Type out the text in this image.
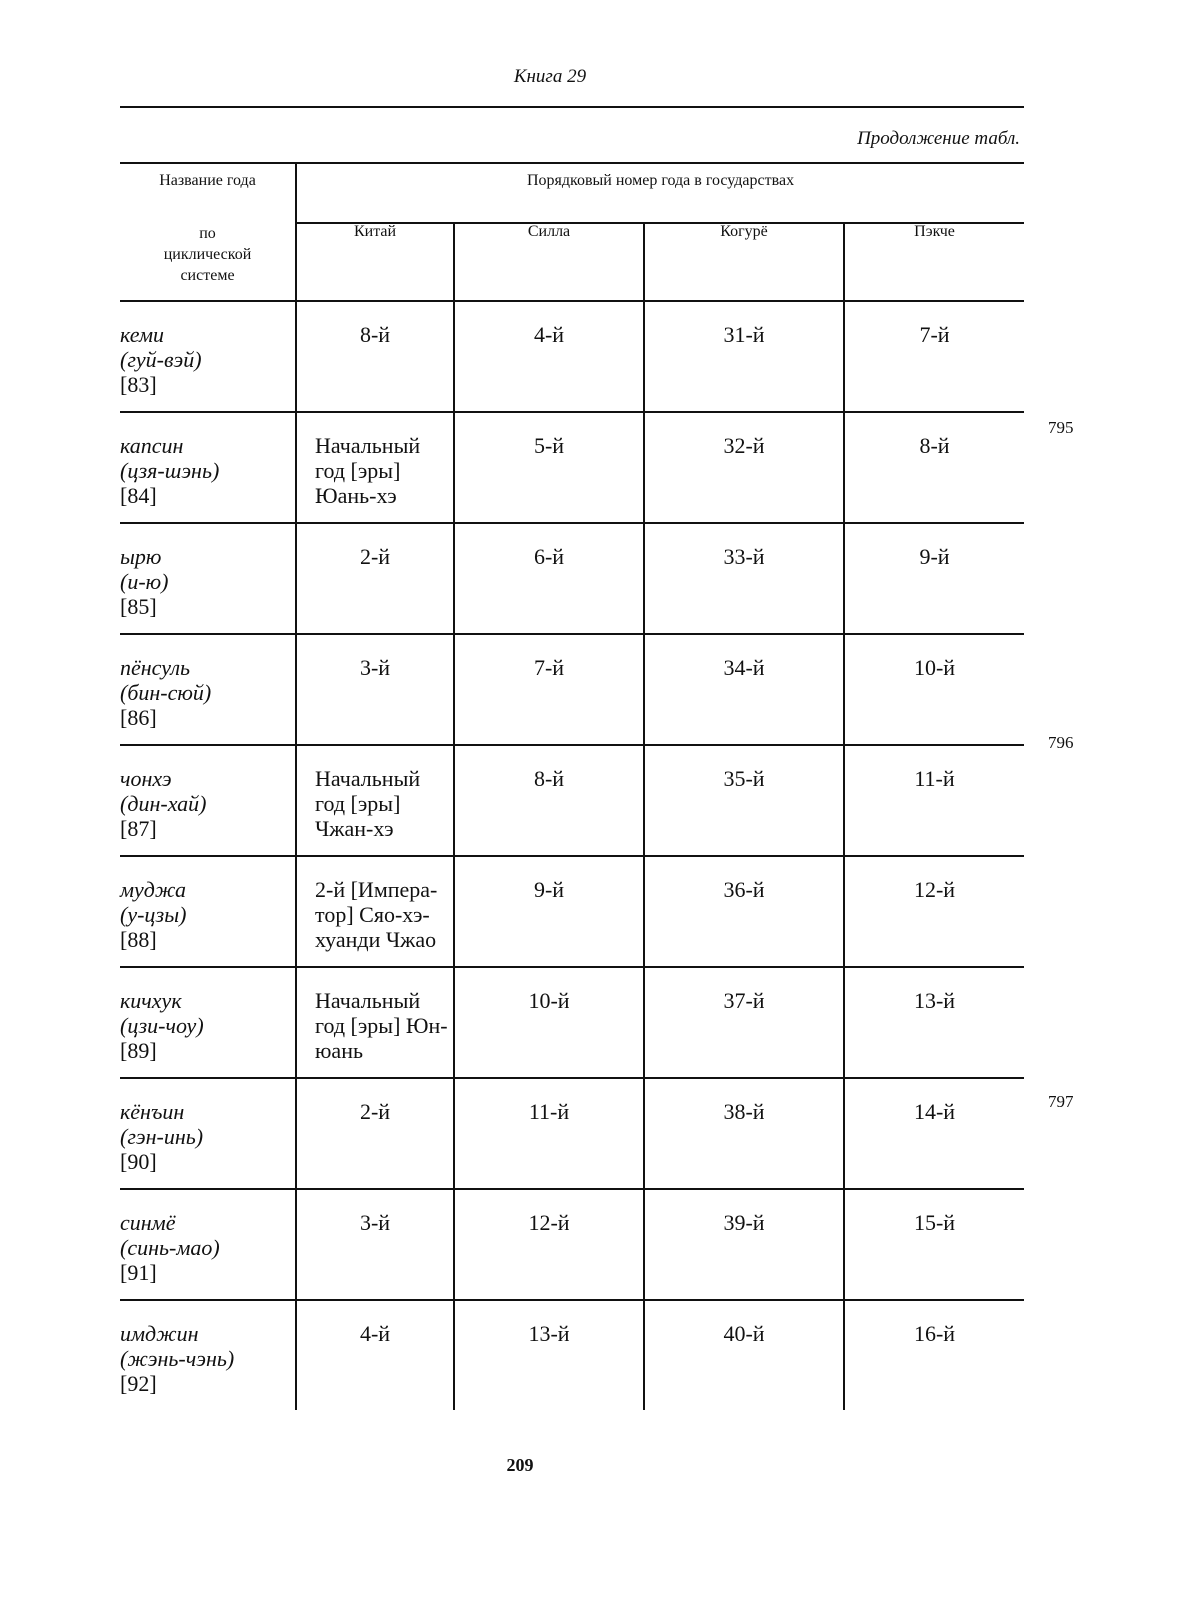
Книга 29
Продолжение табл.
Название года	Порядковый номер года в государствах			

по циклической системе	Китай	Силла	Когурё	Пэкче

кеми
(гуй-вэй)
[83]	8-й	4-й	31-й	7-й

капсин
(цзя-шэнь)
[84]	Начальный год [эры] Юань-хэ	5-й	32-й	8-й

ырю
(и-ю)
[85]	2-й	6-й	33-й	9-й

пёнсуль
(бин-сюй)
[86]	3-й	7-й	34-й	10-й

чонхэ
(дин-хай)
[87]	Начальный год [эры] Чжан-хэ	8-й	35-й	11-й

муджа
(у-цзы)
[88]	2-й [Импера-тор] Сяо-хэ-хуанди Чжао	9-й	36-й	12-й

кичхук
(цзи-чоу)
[89]	Начальный год [эры] Юн-юань	10-й	37-й	13-й

кёнъин
(гэн-инь)
[90]	2-й	11-й	38-й	14-й

синмё
(синь-мао)
[91]	3-й	12-й	39-й	15-й

имджин
(жэнь-чэнь)
[92]	4-й	13-й	40-й	16-й
795
796
797
209
